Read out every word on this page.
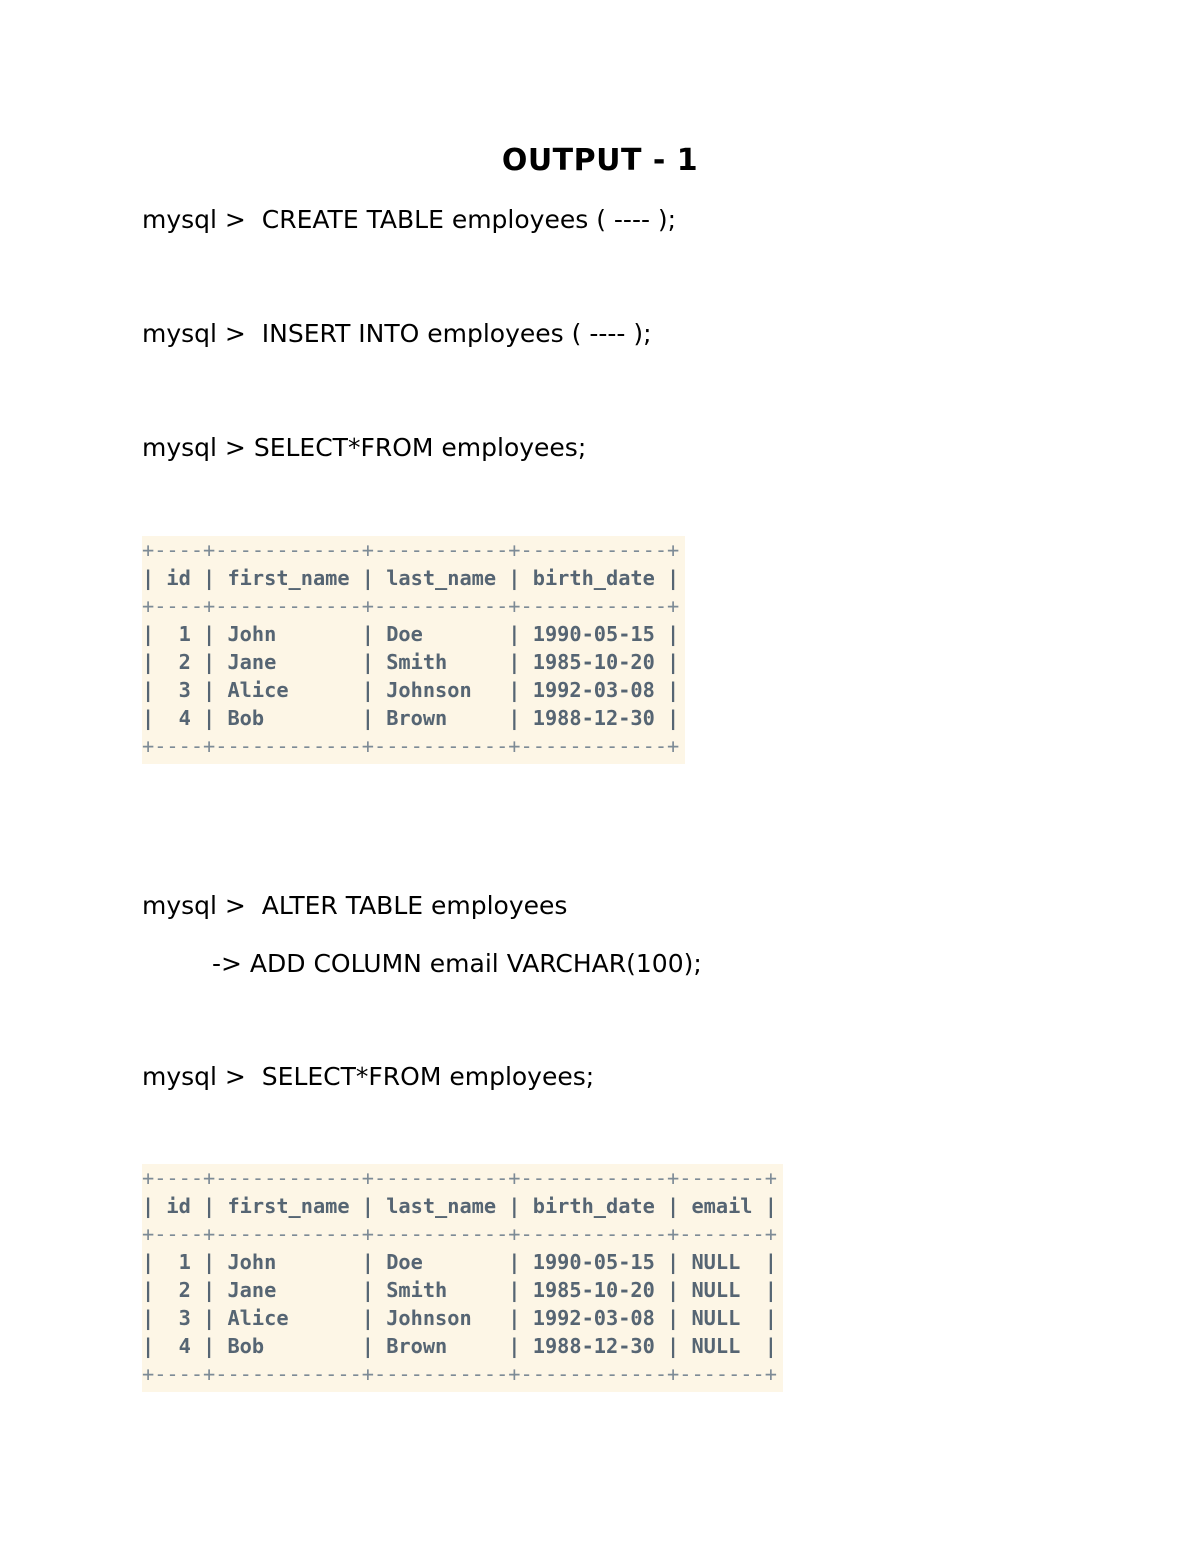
OUTPUT - 1
mysql >  CREATE TABLE employees ( ---- );
mysql >  INSERT INTO employees ( ---- );
mysql > SELECT*FROM employees;
+----+------------+-----------+------------+
| id | first_name | last_name | birth_date |
+----+------------+-----------+------------+
|  1 | John       | Doe       | 1990-05-15 |
|  2 | Jane       | Smith     | 1985-10-20 |
|  3 | Alice      | Johnson   | 1992-03-08 |
|  4 | Bob        | Brown     | 1988-12-30 |
+----+------------+-----------+------------+
mysql >  ALTER TABLE employees
-> ADD COLUMN email VARCHAR(100);
mysql >  SELECT*FROM employees;
+----+------------+-----------+------------+-------+
| id | first_name | last_name | birth_date | email |
+----+------------+-----------+------------+-------+
|  1 | John       | Doe       | 1990-05-15 | NULL  |
|  2 | Jane       | Smith     | 1985-10-20 | NULL  |
|  3 | Alice      | Johnson   | 1992-03-08 | NULL  |
|  4 | Bob        | Brown     | 1988-12-30 | NULL  |
+----+------------+-----------+------------+-------+
